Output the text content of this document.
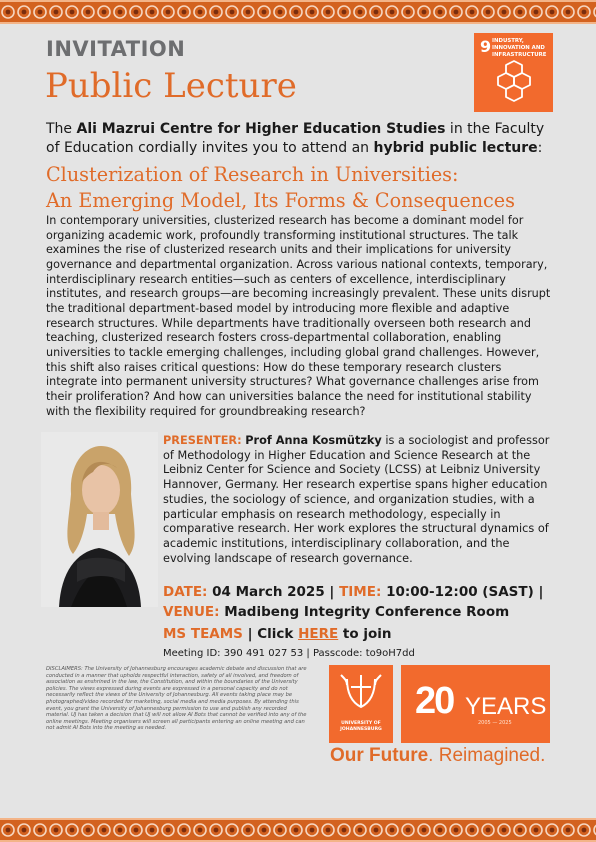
INVITATION
Public Lecture
9 INDUSTRY, INNOVATION AND INFRASTRUCTURE
The Ali Mazrui Centre for Higher Education Studies in the Faculty of Education cordially invites you to attend an hybrid public lecture:
Clusterization of Research in Universities:
An Emerging Model, Its Forms & Consequences
In contemporary universities, clusterized research has become a dominant model for organizing academic work, profoundly transforming institutional structures. The talk examines the rise of clusterized research units and their implications for university governance and departmental organization. Across various national contexts, temporary, interdisciplinary research entities—such as centers of excellence, interdisciplinary institutes, and research groups—are becoming increasingly prevalent. These units disrupt the traditional department-based model by introducing more flexible and adaptive research structures. While departments have traditionally overseen both research and teaching, clusterized research fosters cross-departmental collaboration, enabling universities to tackle emerging challenges, including global grand challenges. However, this shift also raises critical questions: How do these temporary research clusters integrate into permanent university structures? What governance challenges arise from their proliferation? And how can universities balance the need for institutional stability with the flexibility required for groundbreaking research?
PRESENTER: Prof Anna Kosmützky is a sociologist and professor of Methodology in Higher Education and Science Research at the Leibniz Center for Science and Society (LCSS) at Leibniz University Hannover, Germany. Her research expertise spans higher education studies, the sociology of science, and organization studies, with a particular emphasis on research methodology, especially in comparative research. Her work explores the structural dynamics of academic institutions, interdisciplinary collaboration, and the evolving landscape of research governance.
DATE: 04 March 2025 | TIME: 10:00-12:00 (SAST) |
VENUE: Madibeng Integrity Conference Room
MS TEAMS | Click HERE to join
Meeting ID: 390 491 027 53 | Passcode: to9oH7dd
DISCLAIMERS: The University of Johannesburg encourages academic debate and discussion that are conducted in a manner that upholds respectful interaction, safety of all involved, and freedom of association as enshrined in the law, the Constitution, and within the boundaries of the University policies. The views expressed during events are expressed in a personal capacity and do not necessarily reflect the views of the University of Johannesburg. All events taking place may be photographed/video recorded for marketing, social media and media purposes. By attending this event, you grant the University of Johannesburg permission to use and publish any recorded material. UJ has taken a decision that UJ will not allow AI Bots that cannot be verified into any of the online meetings. Meeting organisers will screen all participants entering an online meeting and can not admit AI Bots into the meeting as needed.
UNIVERSITY OF JOHANNESBURG
20 YEARS
2005 — 2025
Our Future. Reimagined.
